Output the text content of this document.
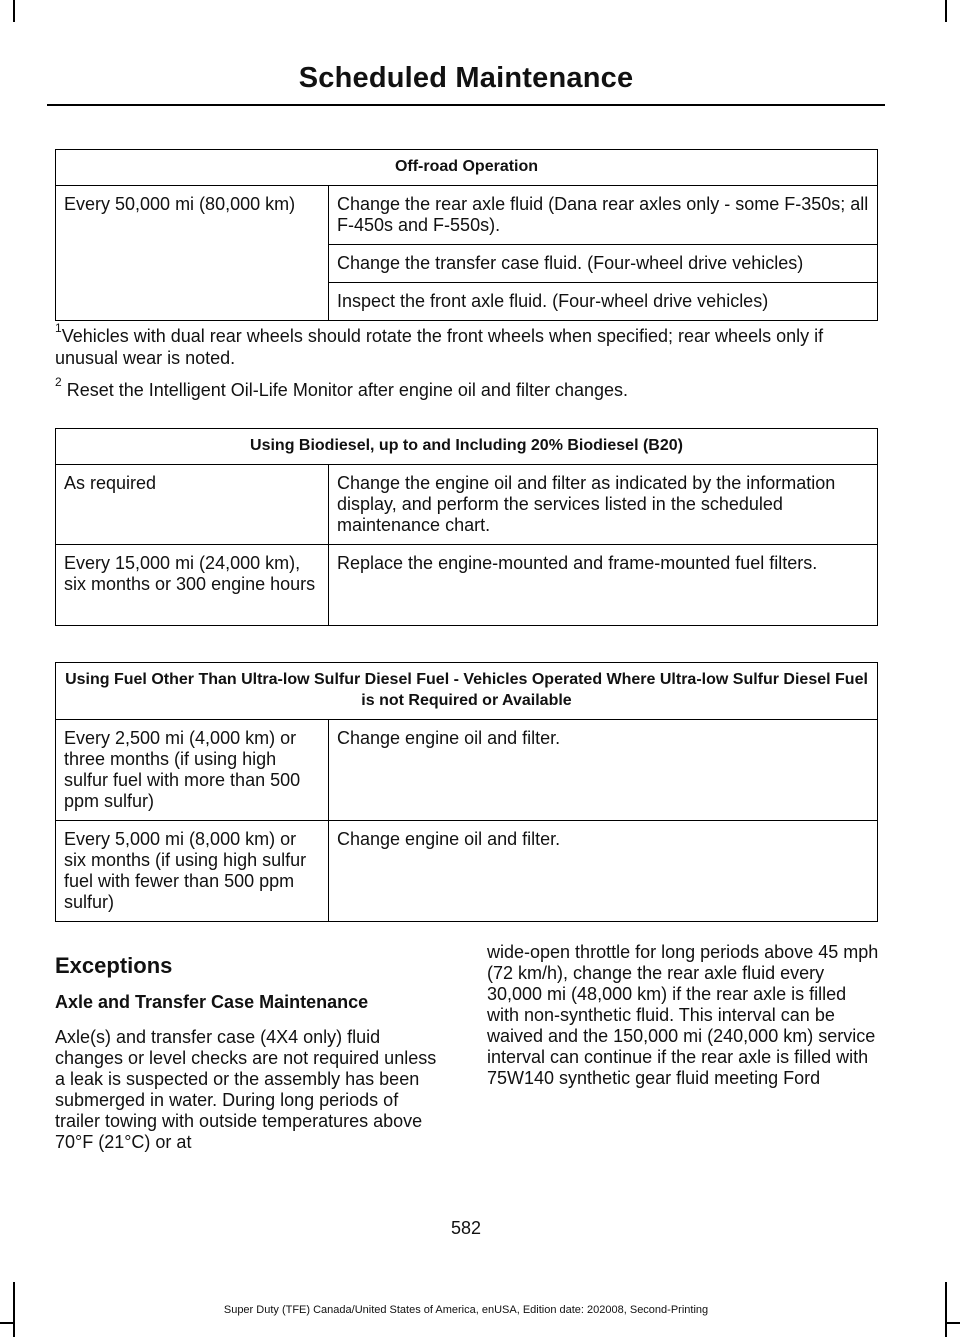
Scheduled Maintenance
Off-road Operation
Every 50,000 mi (80,000 km)	Change the rear axle fluid (Dana rear axles only - some F-350s; all F-450s and F-550s).
Change the transfer case fluid. (Four-wheel drive vehicles)
Inspect the front axle fluid. (Four-wheel drive vehicles)

$^1$Vehicles with dual rear wheels should rotate the front wheels when specified; rear wheels only if unusual wear is noted.

$^2$ Reset the Intelligent Oil-Life Monitor after engine oil and filter changes.

Using Biodiesel, up to and Including 20% Biodiesel (B20)	
As required	Change the engine oil and filter as indicated by the information display, and perform the services listed in the scheduled maintenance chart.
Every 15,000 mi (24,000 km), six months or 300 engine hours	Replace the engine-mounted and frame-mounted fuel filters.
Using Fuel Other Than Ultra-low Sulfur Diesel Fuel - Vehicles Operated Where Ultra-low Sulfur Diesel Fuel is not Required or Available	
Every 2,500 mi (4,000 km) or three months (if using high sulfur fuel with more than 500 ppm sulfur)	Change engine oil and filter.
Every 5,000 mi (8,000 km) or six months (if using high sulfur fuel with fewer than 500 ppm sulfur)	Change engine oil and filter.
Exceptions
Axle and Transfer Case Maintenance

Axle(s) and transfer case (4X4 only) fluid changes or level checks are not required unless a leak is suspected or the assembly has been submerged in water. During long periods of trailer towing with outside temperatures above 70°F (21°C) or at

wide-open throttle for long periods above 45 mph (72 km/h), change the rear axle fluid every 30,000 mi (48,000 km) if the rear axle is filled with non-synthetic fluid. This interval can be waived and the 150,000 mi (240,000 km) service interval can continue if the rear axle is filled with 75W140 synthetic gear fluid meeting Ford

582
Super Duty (TFE) Canada/United States of America, enUSA, Edition date: 202008, Second-Printing
